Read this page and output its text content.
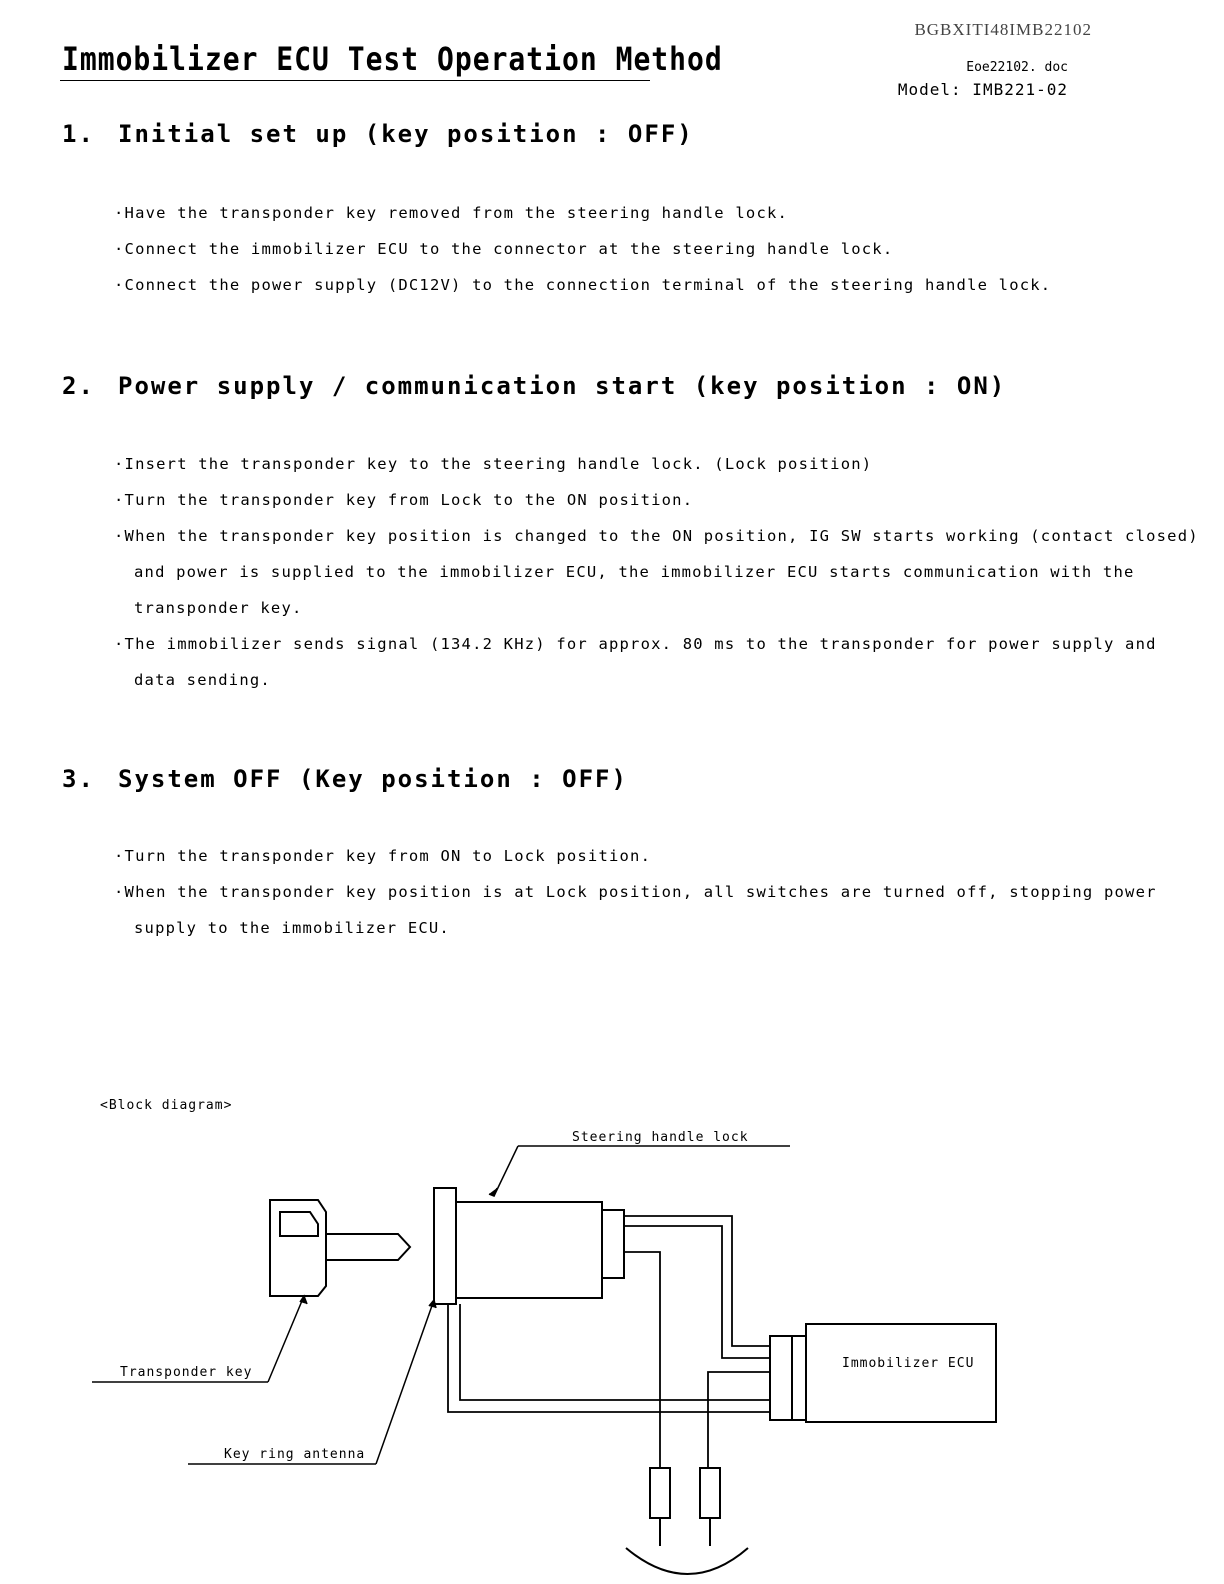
BGBXITI48IMB22102
Immobilizer ECU Test Operation Method	Eoe22102. doc
Model: IMB221-02
1. Initial set up (key position : OFF)
·Have the transponder key removed from the steering handle lock.
·Connect the immobilizer ECU to the connector at the steering handle lock.
·Connect the power supply (DC12V) to the connection terminal of the steering handle lock.
2. Power supply / communication start (key position : ON)
·Insert the transponder key to the steering handle lock. (Lock position)
·Turn the transponder key from Lock to the ON position.
·When the transponder key position is changed to the ON position, IG SW starts working (contact closed)
and power is supplied to the immobilizer ECU, the immobilizer ECU starts communication with the
transponder key.
·The immobilizer sends signal (134.2 KHz) for approx. 80 ms to the transponder for power supply and
data sending.
3. System OFF (Key position : OFF)
·Turn the transponder key from ON to Lock position.
·When the transponder key position is at Lock position, all switches are turned off, stopping power
supply to the immobilizer ECU.
<Block diagram>
Steering handle lock
Transponder key
Key ring antenna
Immobilizer ECU
